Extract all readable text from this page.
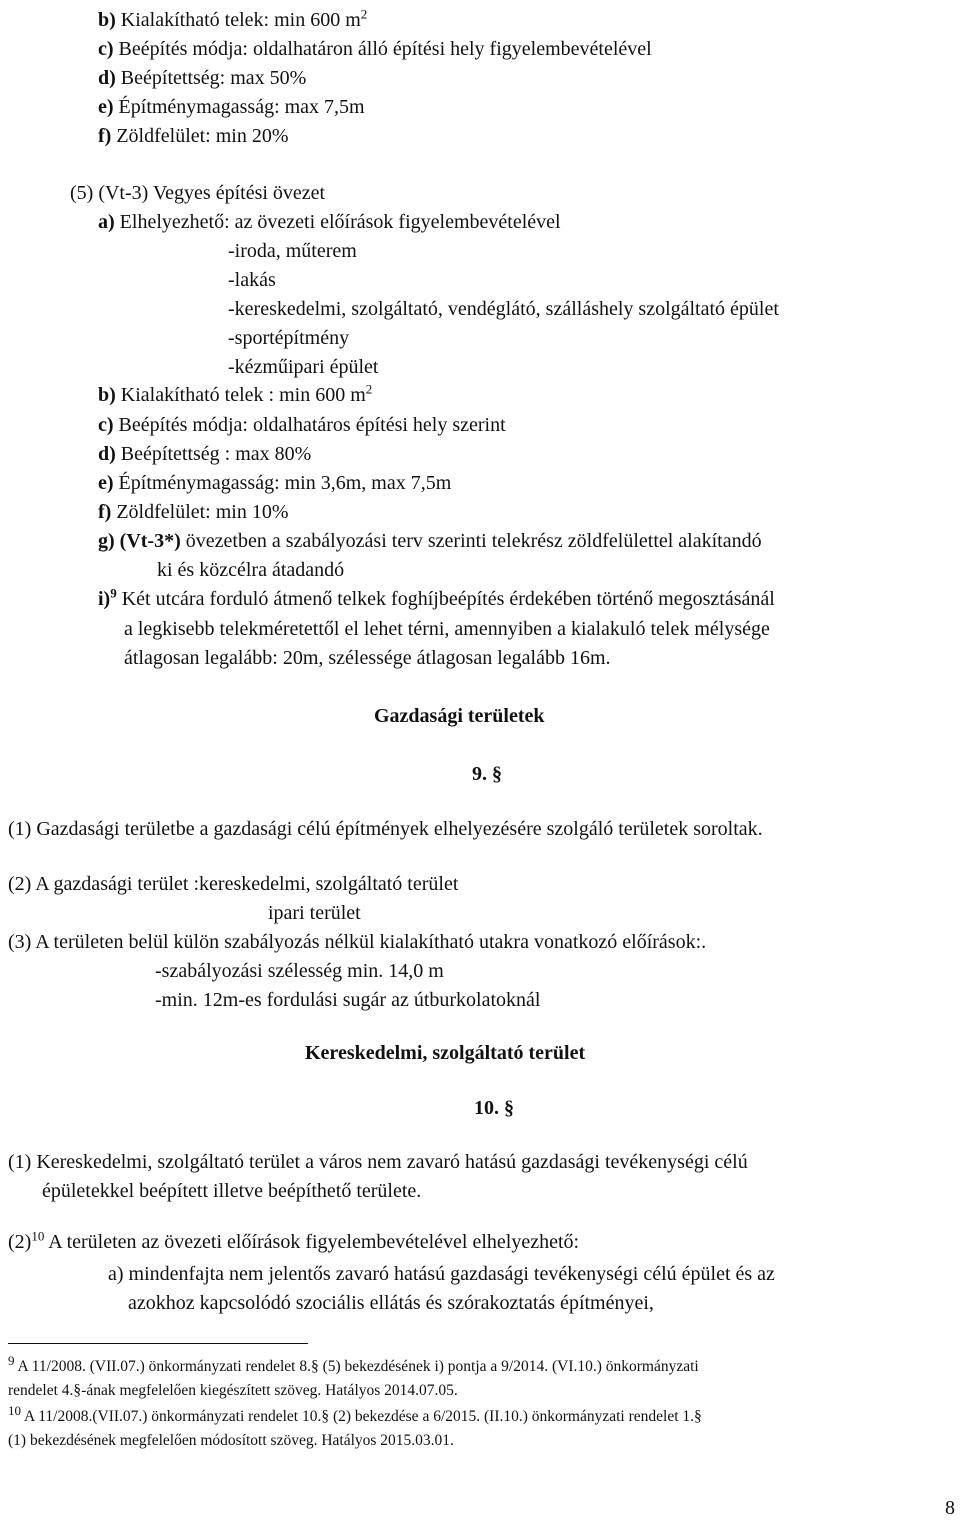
b) Kialakítható telek: min 600 $m^2$
c) Beépítés módja: oldalhatáron álló építési hely figyelembevételével
d) Beépítettség: max 50%
e) Építménymagasság: max 7,5m
f) Zöldfelület: min 20%
(5) (Vt-3) Vegyes építési övezet
a) Elhelyezhető: az övezeti előírások figyelembevételével
-iroda, műterem
-lakás
-kereskedelmi, szolgáltató, vendéglátó, szálláshely szolgáltató épület
-sportépítmény
-kézműipari épület
b) Kialakítható telek : min 600 $m^2$
c) Beépítés módja: oldalhatáros építési hely szerint
d) Beépítettség : max 80%
e) Építménymagasság: min 3,6m, max 7,5m
f) Zöldfelület: min 10%
g) (Vt-3*) övezetben a szabályozási terv szerinti telekrész zöldfelülettel alakítandó
ki és közcélra átadandó
i)$^9$ Két utcára forduló átmenő telkek foghíjbeépítés érdekében történő megosztásánál
a legkisebb telekméretettől el lehet térni, amennyiben a kialakuló telek mélysége
átlagosan legalább: 20m, szélessége átlagosan legalább 16m.
Gazdasági területek
9. §
(1) Gazdasági területbe a gazdasági célú építmények elhelyezésére szolgáló területek soroltak.
(2) A gazdasági terület :kereskedelmi, szolgáltató terület
ipari terület
(3) A területen belül külön szabályozás nélkül kialakítható utakra vonatkozó előírások:.
-szabályozási szélesség min. 14,0 m
-min. 12m-es fordulási sugár az útburkolatoknál
Kereskedelmi, szolgáltató terület
10. §
(1) Kereskedelmi, szolgáltató terület a város nem zavaró hatású gazdasági tevékenységi célú
épületekkel beépített illetve beépíthető területe.
$(2)^{10}$ A területen az övezeti előírások figyelembevételével elhelyezhető:
a) mindenfajta nem jelentős zavaró hatású gazdasági tevékenységi célú épület és az
azokhoz kapcsolódó szociális ellátás és szórakoztatás építményei,
$^9$ A 11/2008. (VII.07.) önkormányzati rendelet 8.§ (5) bekezdésének i) pontja a 9/2014. (VI.10.) önkormányzati
rendelet 4.§-ának megfelelően kiegészített szöveg. Hatályos 2014.07.05.
$^{10}$ A 11/2008.(VII.07.) önkormányzati rendelet 10.§ (2) bekezdése a 6/2015. (II.10.) önkormányzati rendelet 1.§
(1) bekezdésének megfelelően módosított szöveg. Hatályos 2015.03.01.
8
